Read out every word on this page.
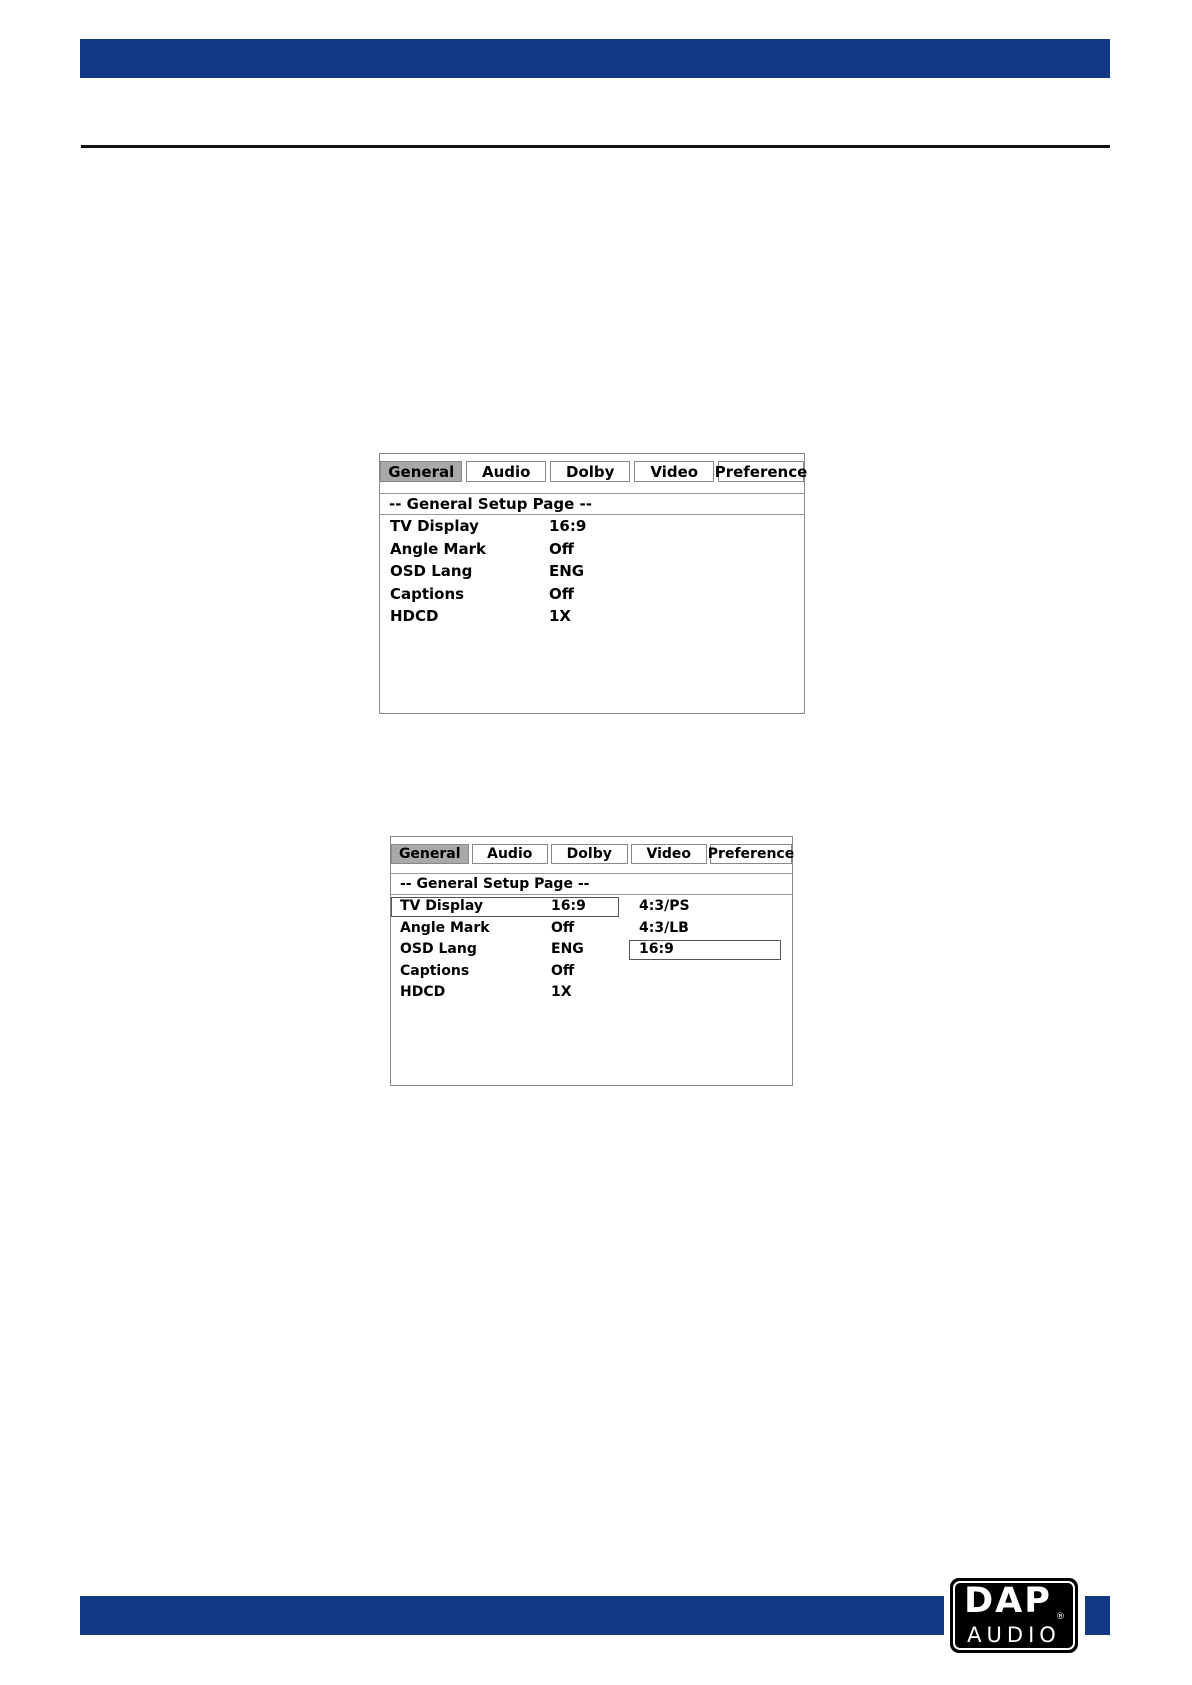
General	Audio	Dolby	Video	Preference
-- General Setup Page --
TV Display	16:9
Angle Mark	Off
OSD Lang	ENG
Captions	Off
HDCD	1X
General	Audio	Dolby	Video	Preference
-- General Setup Page --
TV Display	16:9
Angle Mark	Off
OSD Lang	ENG
Captions	Off
HDCD	1X
4:3/PS
4:3/LB
16:9
DAP ®
AUDIO
